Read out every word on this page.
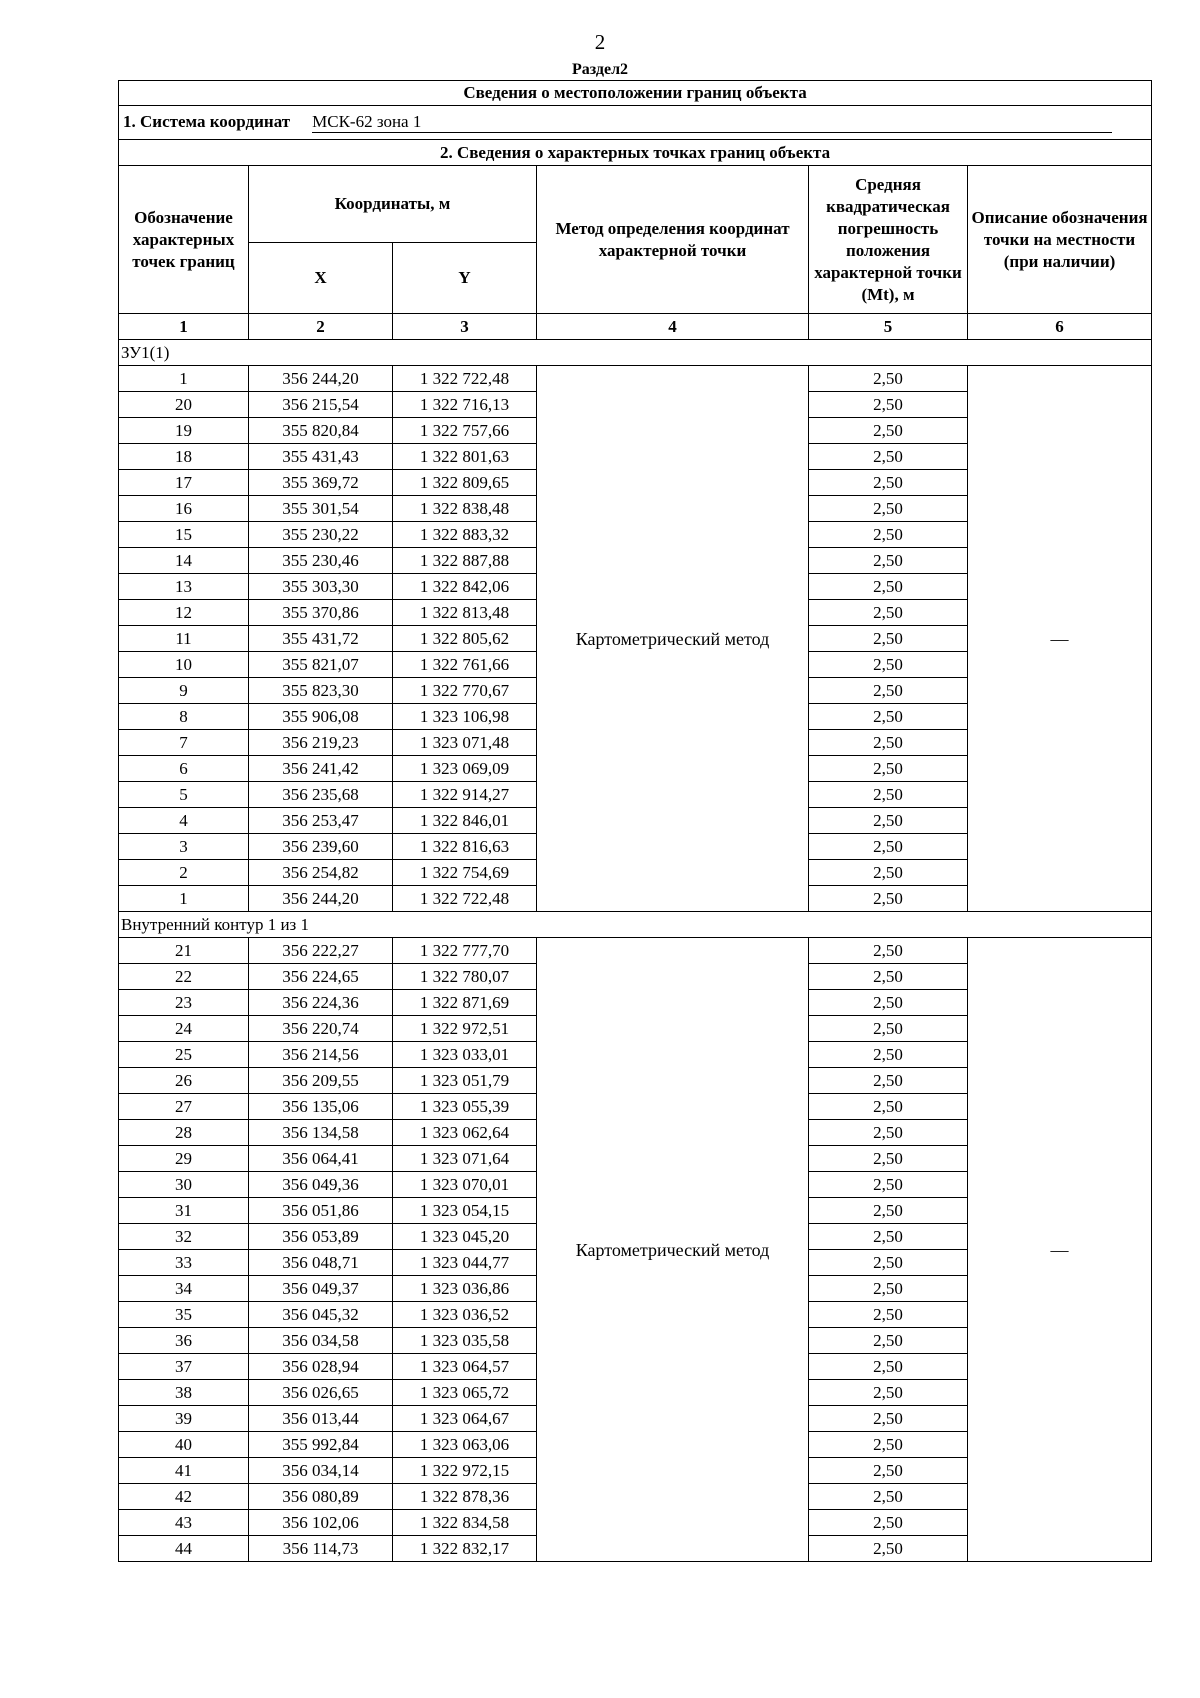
2
Раздел2
Сведения о местоположении границ объекта					
1. Система координат МСК-62 зона 1					
2. Сведения о характерных точках границ объекта					
Обозначение характерных точек границ	Координаты, м		Метод определения координат характерной точки	Средняя квадратическая погрешность положения характерной точки (Mt), м	Описание обозначения точки на местности (при наличии)
	X	Y			
1	2	3	4	5	6
ЗУ1(1)					
1	356 244,20	1 322 722,48	Картометрический метод	2,50	—
20	356 215,54	1 322 716,13		2,50	
19	355 820,84	1 322 757,66		2,50	
18	355 431,43	1 322 801,63		2,50	
17	355 369,72	1 322 809,65		2,50	
16	355 301,54	1 322 838,48		2,50	
15	355 230,22	1 322 883,32		2,50	
14	355 230,46	1 322 887,88		2,50	
13	355 303,30	1 322 842,06		2,50	
12	355 370,86	1 322 813,48		2,50	
11	355 431,72	1 322 805,62		2,50	
10	355 821,07	1 322 761,66		2,50	
9	355 823,30	1 322 770,67		2,50	
8	355 906,08	1 323 106,98		2,50	
7	356 219,23	1 323 071,48		2,50	
6	356 241,42	1 323 069,09		2,50	
5	356 235,68	1 322 914,27		2,50	
4	356 253,47	1 322 846,01		2,50	
3	356 239,60	1 322 816,63		2,50	
2	356 254,82	1 322 754,69		2,50	
1	356 244,20	1 322 722,48		2,50	
Внутренний контур 1 из 1					
21	356 222,27	1 322 777,70	Картометрический метод	2,50	—
22	356 224,65	1 322 780,07		2,50	
23	356 224,36	1 322 871,69		2,50	
24	356 220,74	1 322 972,51		2,50	
25	356 214,56	1 323 033,01		2,50	
26	356 209,55	1 323 051,79		2,50	
27	356 135,06	1 323 055,39		2,50	
28	356 134,58	1 323 062,64		2,50	
29	356 064,41	1 323 071,64		2,50	
30	356 049,36	1 323 070,01		2,50	
31	356 051,86	1 323 054,15		2,50	
32	356 053,89	1 323 045,20		2,50	
33	356 048,71	1 323 044,77		2,50	
34	356 049,37	1 323 036,86		2,50	
35	356 045,32	1 323 036,52		2,50	
36	356 034,58	1 323 035,58		2,50	
37	356 028,94	1 323 064,57		2,50	
38	356 026,65	1 323 065,72		2,50	
39	356 013,44	1 323 064,67		2,50	
40	355 992,84	1 323 063,06		2,50	
41	356 034,14	1 322 972,15		2,50	
42	356 080,89	1 322 878,36		2,50	
43	356 102,06	1 322 834,58		2,50	
44	356 114,73	1 322 832,17		2,50	
